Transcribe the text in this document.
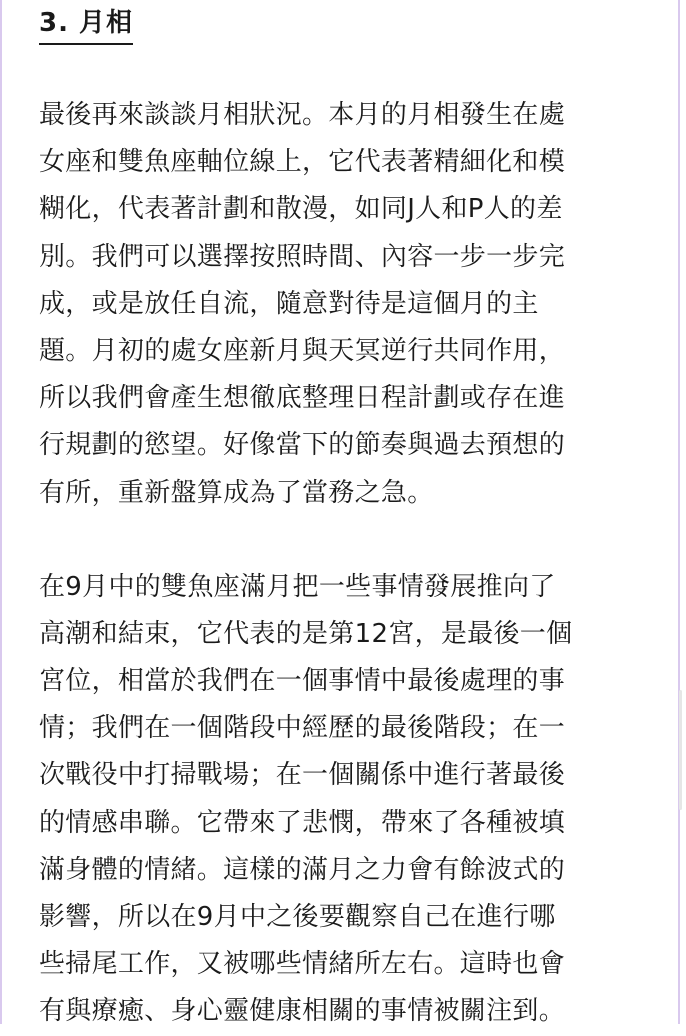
3. 月相
最後再來談談月相狀況。本月的月相發生在處
女座和雙魚座軸位線上，它代表著精細化和模
糊化，代表著計劃和散漫，如同J人和P人的差
別。我們可以選擇按照時間、內容一步一步完
成，或是放任自流，隨意對待是這個月的主
題。月初的處女座新月與天冥逆行共同作用，
所以我們會產生想徹底整理日程計劃或存在進
行規劃的慾望。好像當下的節奏與過去預想的
有所，重新盤算成為了當務之急。
在9月中的雙魚座滿月把一些事情發展推向了
高潮和結束，它代表的是第12宮，是最後一個
宮位，相當於我們在一個事情中最後處理的事
情；我們在一個階段中經歷的最後階段；在一
次戰役中打掃戰場；在一個關係中進行著最後
的情感串聯。它帶來了悲憫，帶來了各種被填
滿身體的情緒。這樣的滿月之力會有餘波式的
影響，所以在9月中之後要觀察自己在進行哪
些掃尾工作，又被哪些情緒所左右。這時也會
有與療癒、身心靈健康相關的事情被關注到。
